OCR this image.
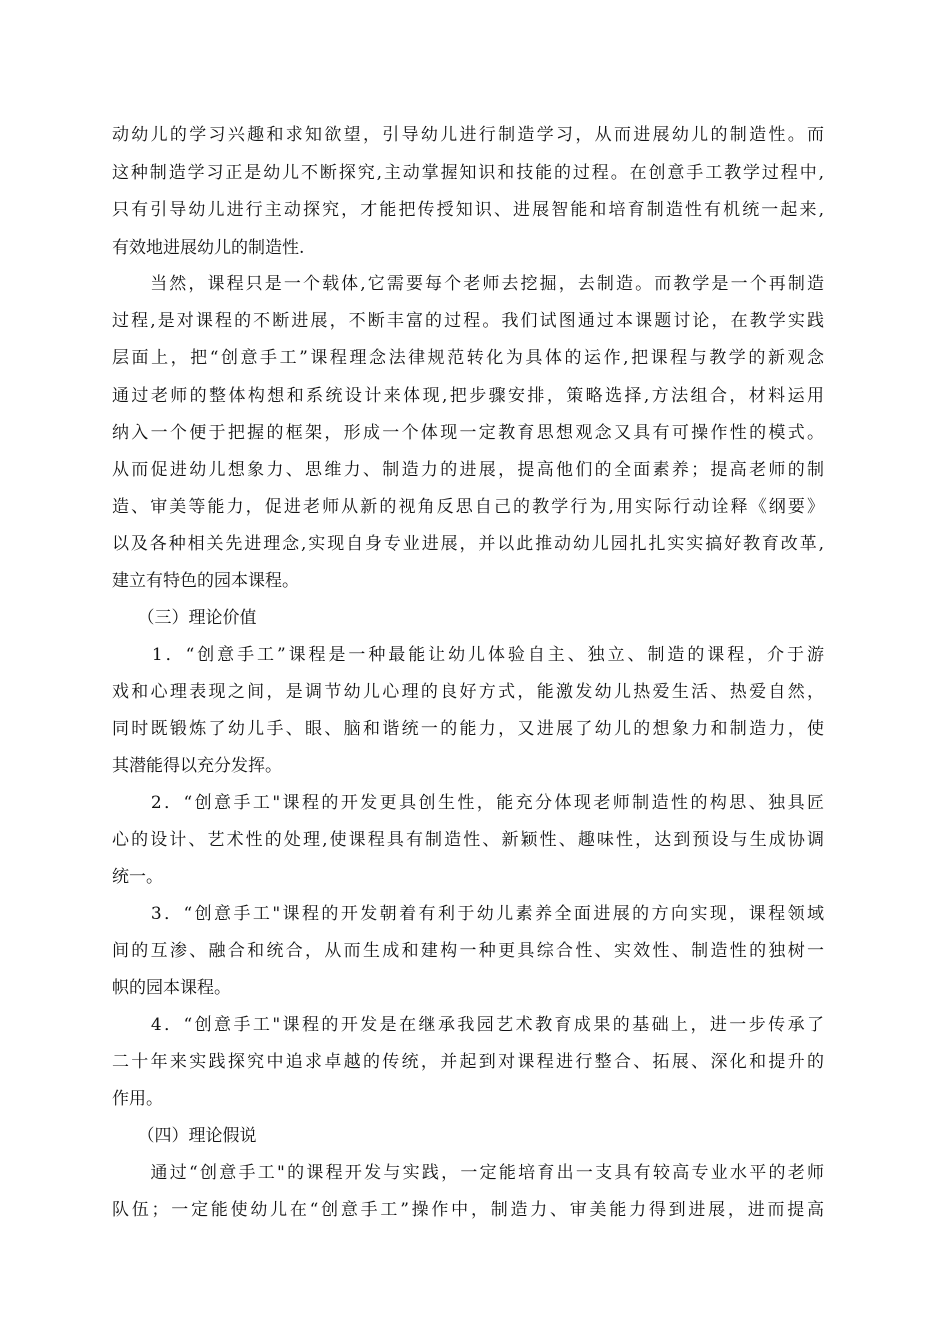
动幼儿的学习兴趣和求知欲望，引导幼儿进行制造学习，从而进展幼儿的制造性。而
这种制造学习正是幼儿不断探究,主动掌握知识和技能的过程。在创意手工教学过程中,
只有引导幼儿进行主动探究，才能把传授知识、进展智能和培育制造性有机统一起来,
有效地进展幼儿的制造性.
　　当然，课程只是一个载体,它需要每个老师去挖掘，去制造。而教学是一个再制造
过程,是对课程的不断进展，不断丰富的过程。我们试图通过本课题讨论，在教学实践
层面上，把“创意手工”课程理念法律规范转化为具体的运作,把课程与教学的新观念
通过老师的整体构想和系统设计来体现,把步骤安排，策略选择,方法组合，材料运用
纳入一个便于把握的框架，形成一个体现一定教育思想观念又具有可操作性的模式。
从而促进幼儿想象力、思维力、制造力的进展，提高他们的全面素养；提高老师的制
造、审美等能力，促进老师从新的视角反思自己的教学行为,用实际行动诠释《纲要》
以及各种相关先进理念,实现自身专业进展，并以此推动幼儿园扎扎实实搞好教育改革,
建立有特色的园本课程。
　　（三）理论价值
　　1．“创意手工”课程是一种最能让幼儿体验自主、独立、制造的课程，介于游
戏和心理表现之间，是调节幼儿心理的良好方式，能激发幼儿热爱生活、热爱自然，
同时既锻炼了幼儿手、眼、脑和谐统一的能力，又进展了幼儿的想象力和制造力，使
其潜能得以充分发挥。
　　2．“创意手工"课程的开发更具创生性，能充分体现老师制造性的构思、独具匠
心的设计、艺术性的处理,使课程具有制造性、新颖性、趣味性，达到预设与生成协调
统一。
　　3．“创意手工"课程的开发朝着有利于幼儿素养全面进展的方向实现，课程领域
间的互渗、融合和统合，从而生成和建构一种更具综合性、实效性、制造性的独树一
帜的园本课程。
　　4．“创意手工"课程的开发是在继承我园艺术教育成果的基础上，进一步传承了
二十年来实践探究中追求卓越的传统，并起到对课程进行整合、拓展、深化和提升的
作用。
　　（四）理论假说
　　通过“创意手工"的课程开发与实践，一定能培育出一支具有较高专业水平的老师
队伍；一定能使幼儿在“创意手工”操作中，制造力、审美能力得到进展，进而提高
